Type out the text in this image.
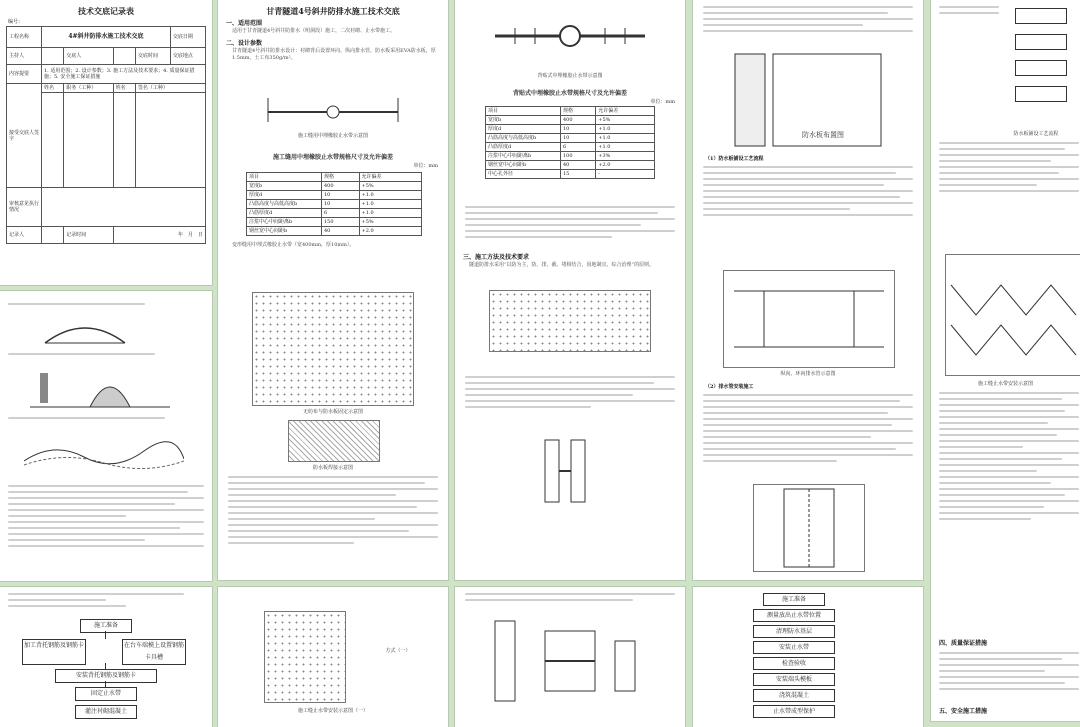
技术交底记录表
编号：
工程名称	4#斜井防排水施工技术交底				交底日期
主持人		交底人		交底时间	交底地点
内容提要	1. 适用范围；2. 设计参数；3. 施工方法及技术要求；4. 质量保证措施；5. 安全施工保证措施				
接受交底人签字	姓名	职务（工种）	姓名	签名（工种）	

审核意见执行情况					
记录人		记录时间	年　月　日		
施工准备
加工背托钢筋及钢筋卡	在台车端模上设置钢筋卡具槽
安装背托钢筋及钢筋卡
固定止水带
灌注衬砌混凝土
甘青隧道4号斜井防排水施工技术交底
一、适用范围
适用于甘青隧道4号斜井防排水（明洞段）施工，二次衬砌、止水带施工。
二、设计参数
甘青隧道4号斜井防排水设计：衬砌背后设置环向、纵向排水管，防水板采用EVA防水板，厚1.5mm，土工布350g/m²。
施工缝用中埋橡胶止水带示意图
施工缝用中埋橡胶止水带规格尺寸及允许偏差
单位：mm
项目	规格	允许偏差
宽度b	400	+5%
厚度d	10	+1.0
凸筋高度与高低高度b	10	+1.0
凸筋厚度d	6	+1.0
注浆中心中间距离b	150	+5%
钢丝宽中心间距b	40	+2.0
变形缝用中埋式橡胶止水带（宽400mm，厚10mm）。
无纺布与防水板固定示意图
防水板焊接示意图
方式（一）
施工缝止水带安装示意图（一）
背贴式中埋橡胶止水带示意图
背贴式中埋橡胶止水带规格尺寸及允许偏差
单位：mm
项目	规格	允许偏差
宽度b	400	+5%
厚度d	10	+1.0
凸筋高度与高低高度b	10	+1.0
凸筋厚度d	6	+1.0
注浆中心中间距离b	100	+3%
钢丝宽中心间距b	40	+2.0
中心孔外径	15	-
三、施工方法及技术要求
隧道防排水采用“以防为主，防、排、截、堵相结合，因地制宜，综合治理”的原则。
防水板布置图
（1）防水板铺设工艺流程
纵向、环向排水管示意图
（2）排水管安装施工
施工准备
测量放出止水带位置
清理防水基层
安装止水带
检查验收
安装端头模板
浇筑混凝土
止水带成型保护
防水板铺设工艺流程
施工缝止水带安装示意图
四、质量保证措施
五、安全施工措施
